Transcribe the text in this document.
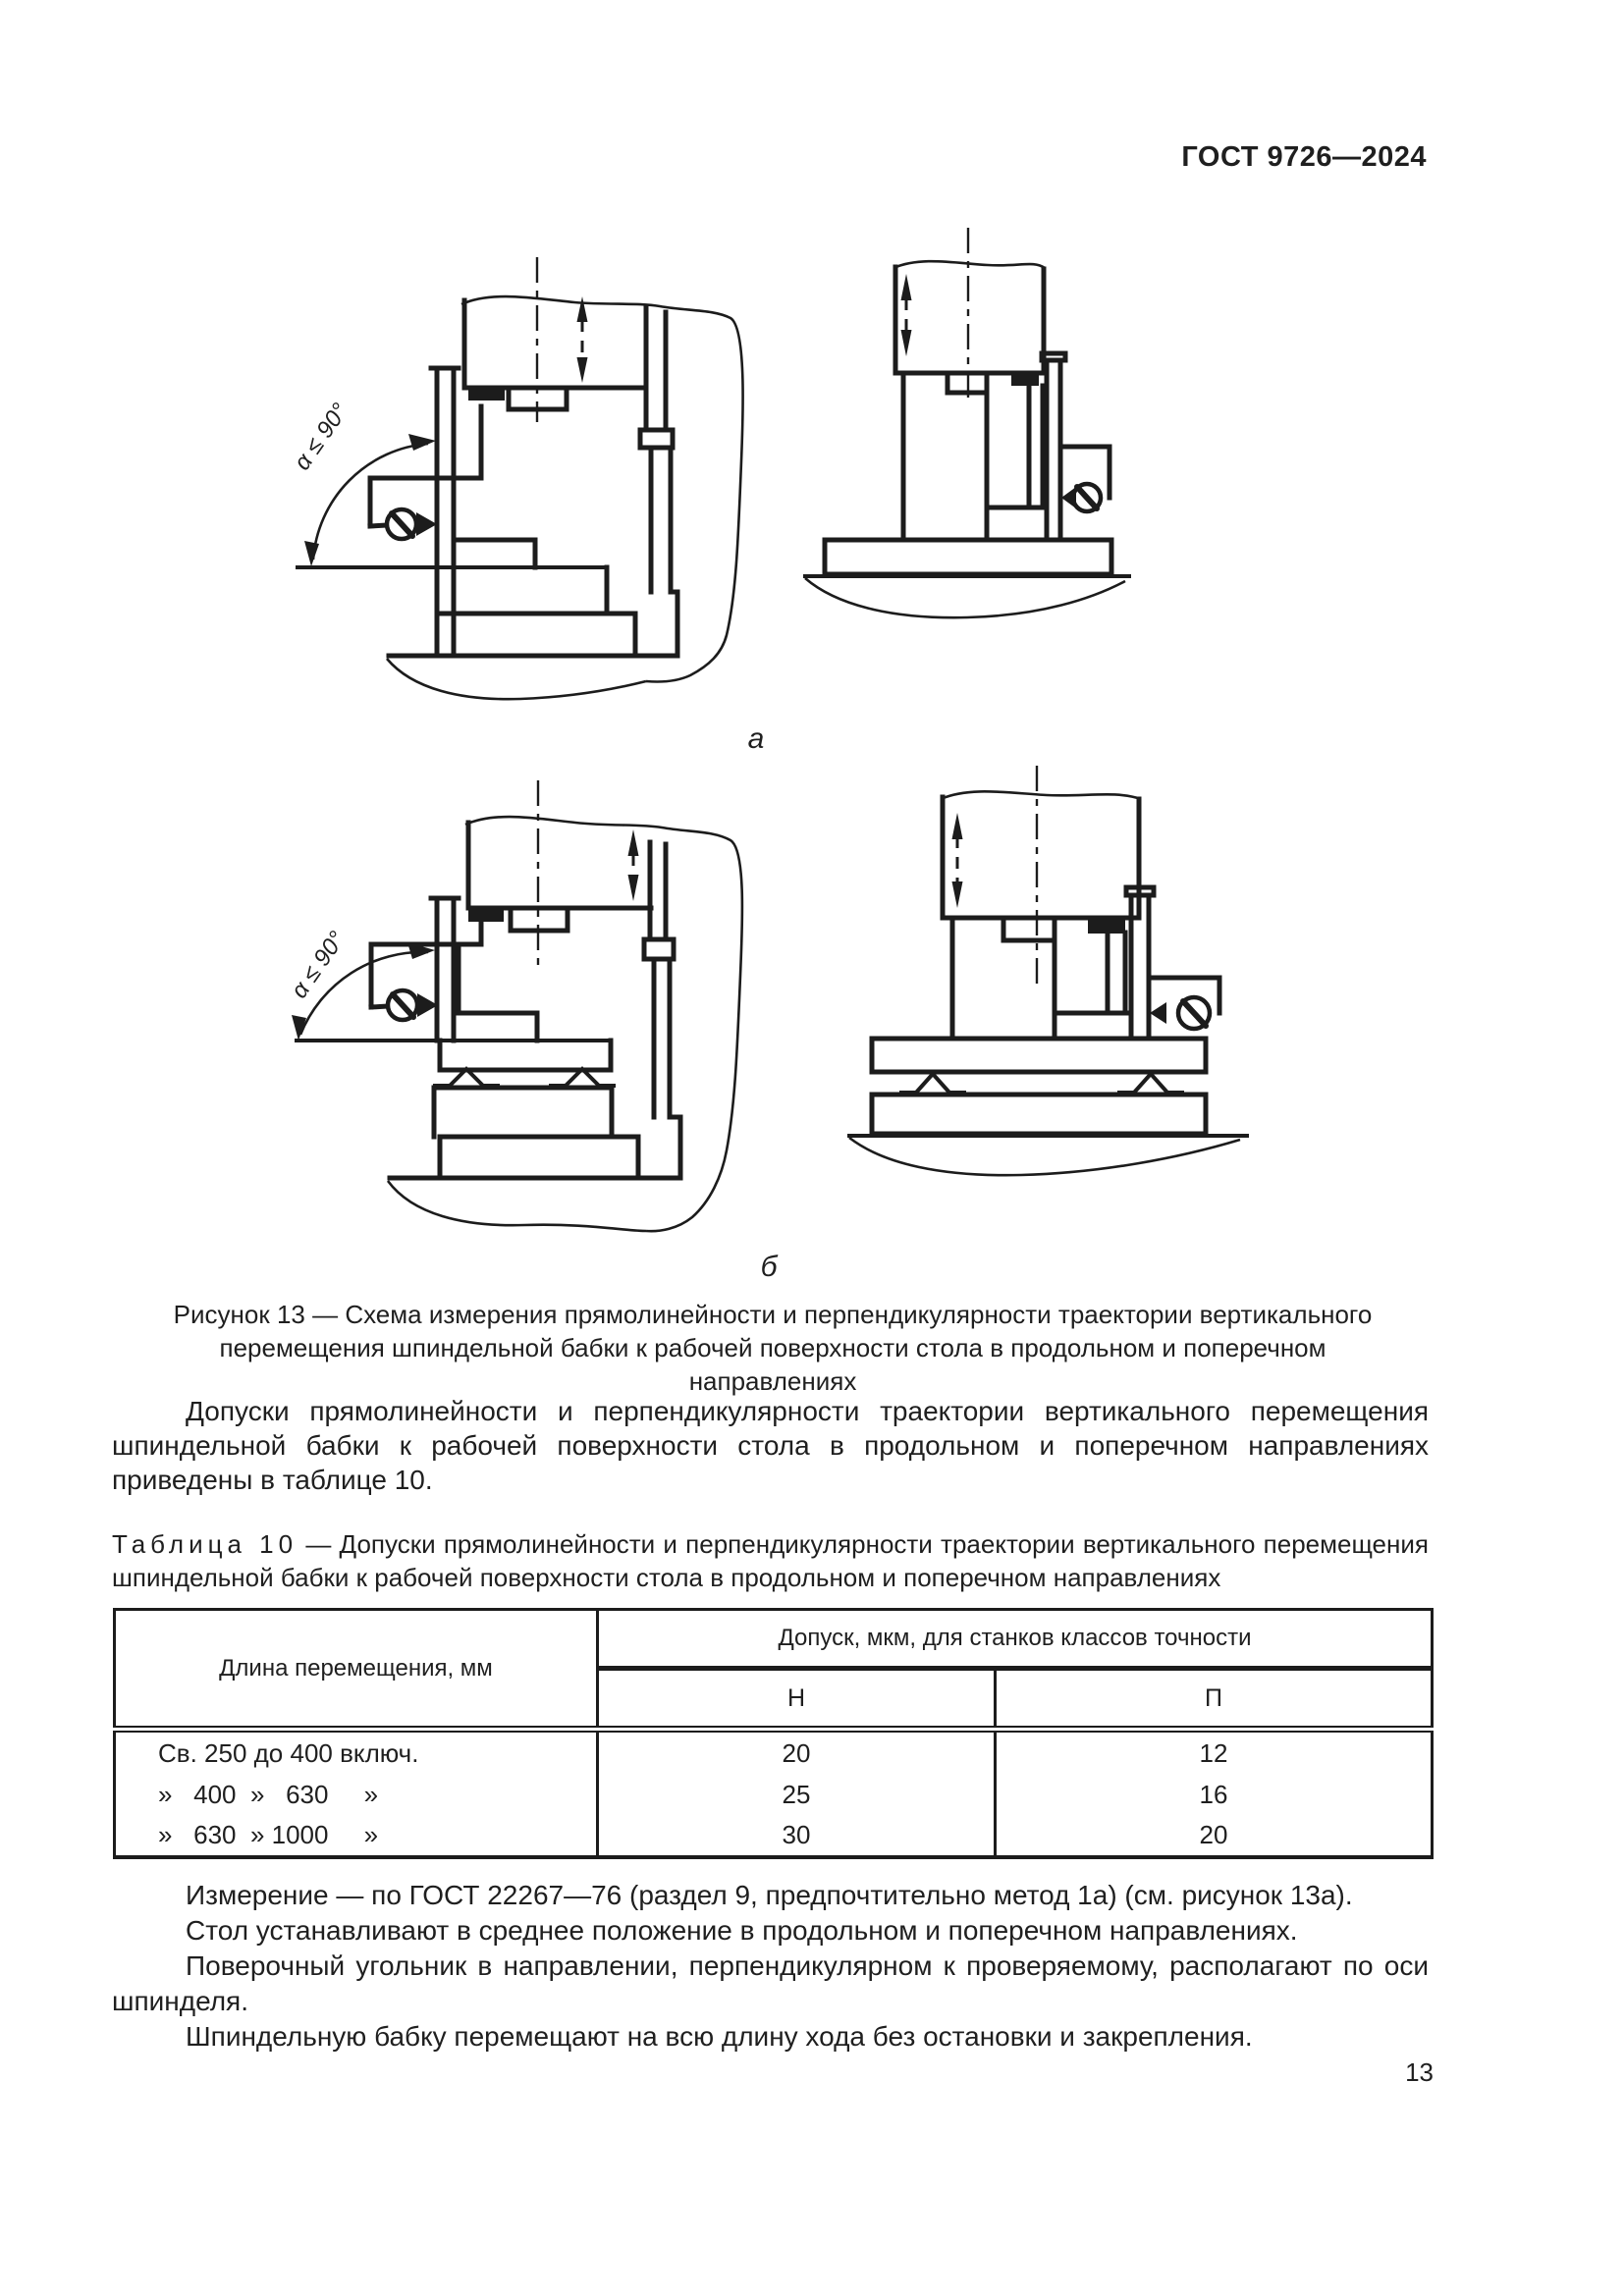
ГОСТ 9726—2024
α ≤ 90°
а
α ≤ 90°
б
Рисунок 13 — Схема измерения прямолинейности и перпендикулярности траектории вертикального перемещения шпиндельной бабки к рабочей поверхности стола в продольном и поперечном направлениях
Допуски прямолинейности и перпендикулярности траектории вертикального перемещения шпиндельной бабки к рабочей поверхности стола в продольном и поперечном направлениях приведены в таблице 10.
Таблица 10 — Допуски прямолинейности и перпендикулярности траектории вертикального перемещения шпиндельной бабки к рабочей поверхности стола в продольном и поперечном направлениях
Длина перемещения, мм	Допуск, мкм, для станков классов точности	
	Н	П
Св. 250 до 400 включ.	20	12
»   400  »   630     »	25	16
»   630  » 1000     »	30	20

Измерение — по ГОСТ 22267—76 (раздел 9, предпочтительно метод 1а) (см. рисунок 13а).

Стол устанавливают в среднее положение в продольном и поперечном направлениях.

Поверочный угольник в направлении, перпендикулярном к проверяемому, располагают по оси шпинделя.

Шпиндельную бабку перемещают на всю длину хода без остановки и закрепления.

13
